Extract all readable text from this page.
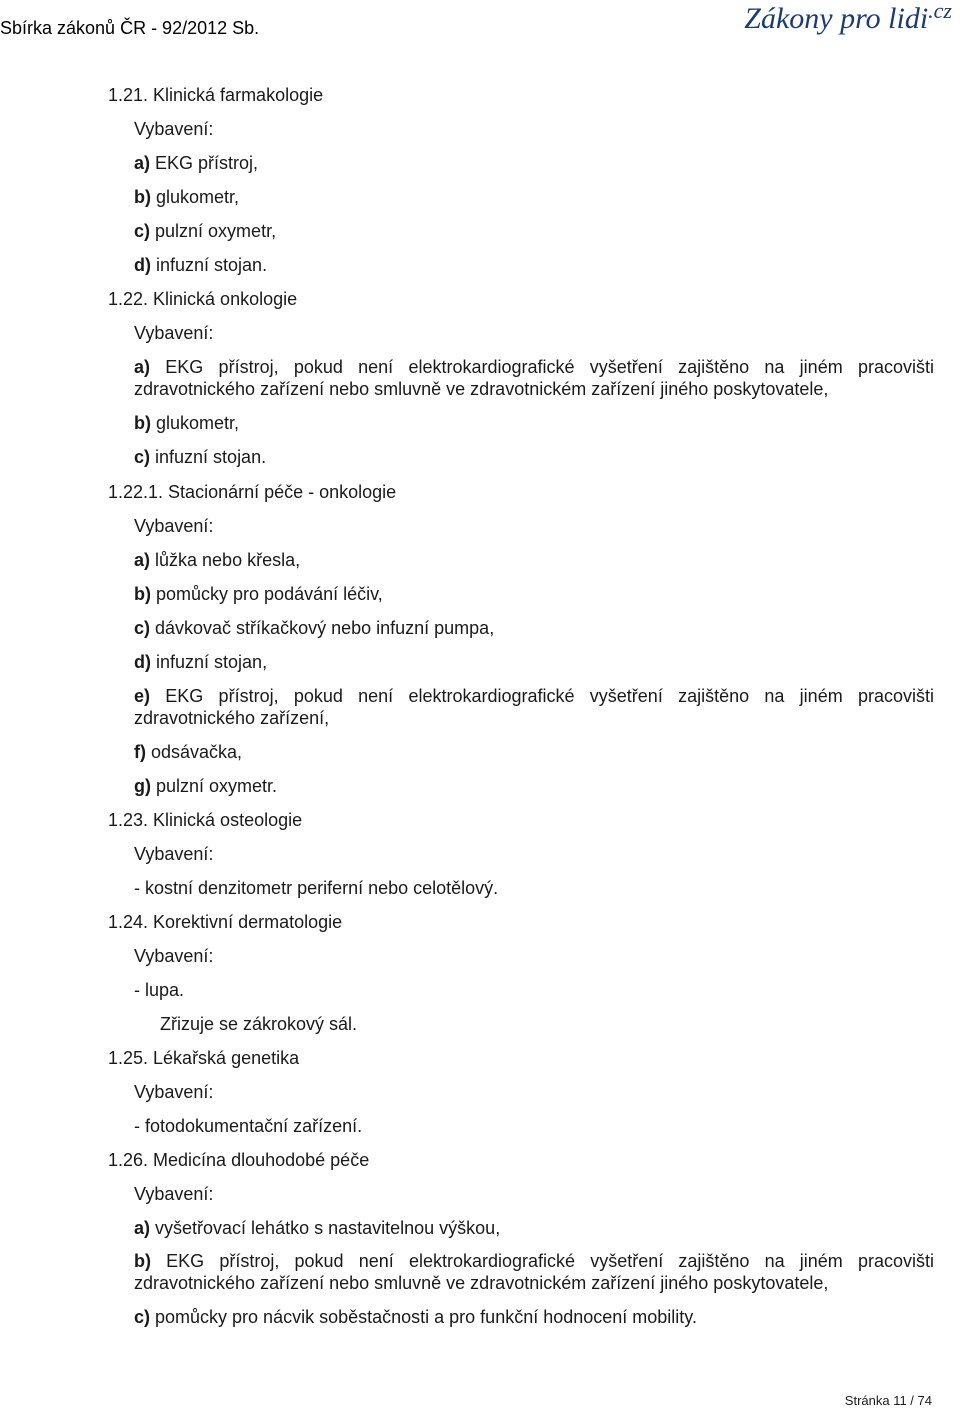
Sbírka zákonů ČR - 92/2012 Sb.	Zákony pro lidi$^{.cz}$
1.21. Klinická farmakologie
Vybavení:
a) EKG přístroj,
b) glukometr,
c) pulzní oxymetr,
d) infuzní stojan.
1.22. Klinická onkologie
Vybavení:
a) EKG přístroj, pokud není elektrokardiografické vyšetření zajištěno na jiném pracovišti
zdravotnického zařízení nebo smluvně ve zdravotnickém zařízení jiného poskytovatele,
b) glukometr,
c) infuzní stojan.
1.22.1. Stacionární péče - onkologie
Vybavení:
a) lůžka nebo křesla,
b) pomůcky pro podávání léčiv,
c) dávkovač stříkačkový nebo infuzní pumpa,
d) infuzní stojan,
e) EKG přístroj, pokud není elektrokardiografické vyšetření zajištěno na jiném pracovišti
zdravotnického zařízení,
f) odsávačka,
g) pulzní oxymetr.
1.23. Klinická osteologie
Vybavení:
- kostní denzitometr periferní nebo celotělový.
1.24. Korektivní dermatologie
Vybavení:
- lupa.
Zřizuje se zákrokový sál.
1.25. Lékařská genetika
Vybavení:
- fotodokumentační zařízení.
1.26. Medicína dlouhodobé péče
Vybavení:
a) vyšetřovací lehátko s nastavitelnou výškou,
b) EKG přístroj, pokud není elektrokardiografické vyšetření zajištěno na jiném pracovišti
zdravotnického zařízení nebo smluvně ve zdravotnickém zařízení jiného poskytovatele,
c) pomůcky pro nácvik soběstačnosti a pro funkční hodnocení mobility.
Stránka 11 / 74
